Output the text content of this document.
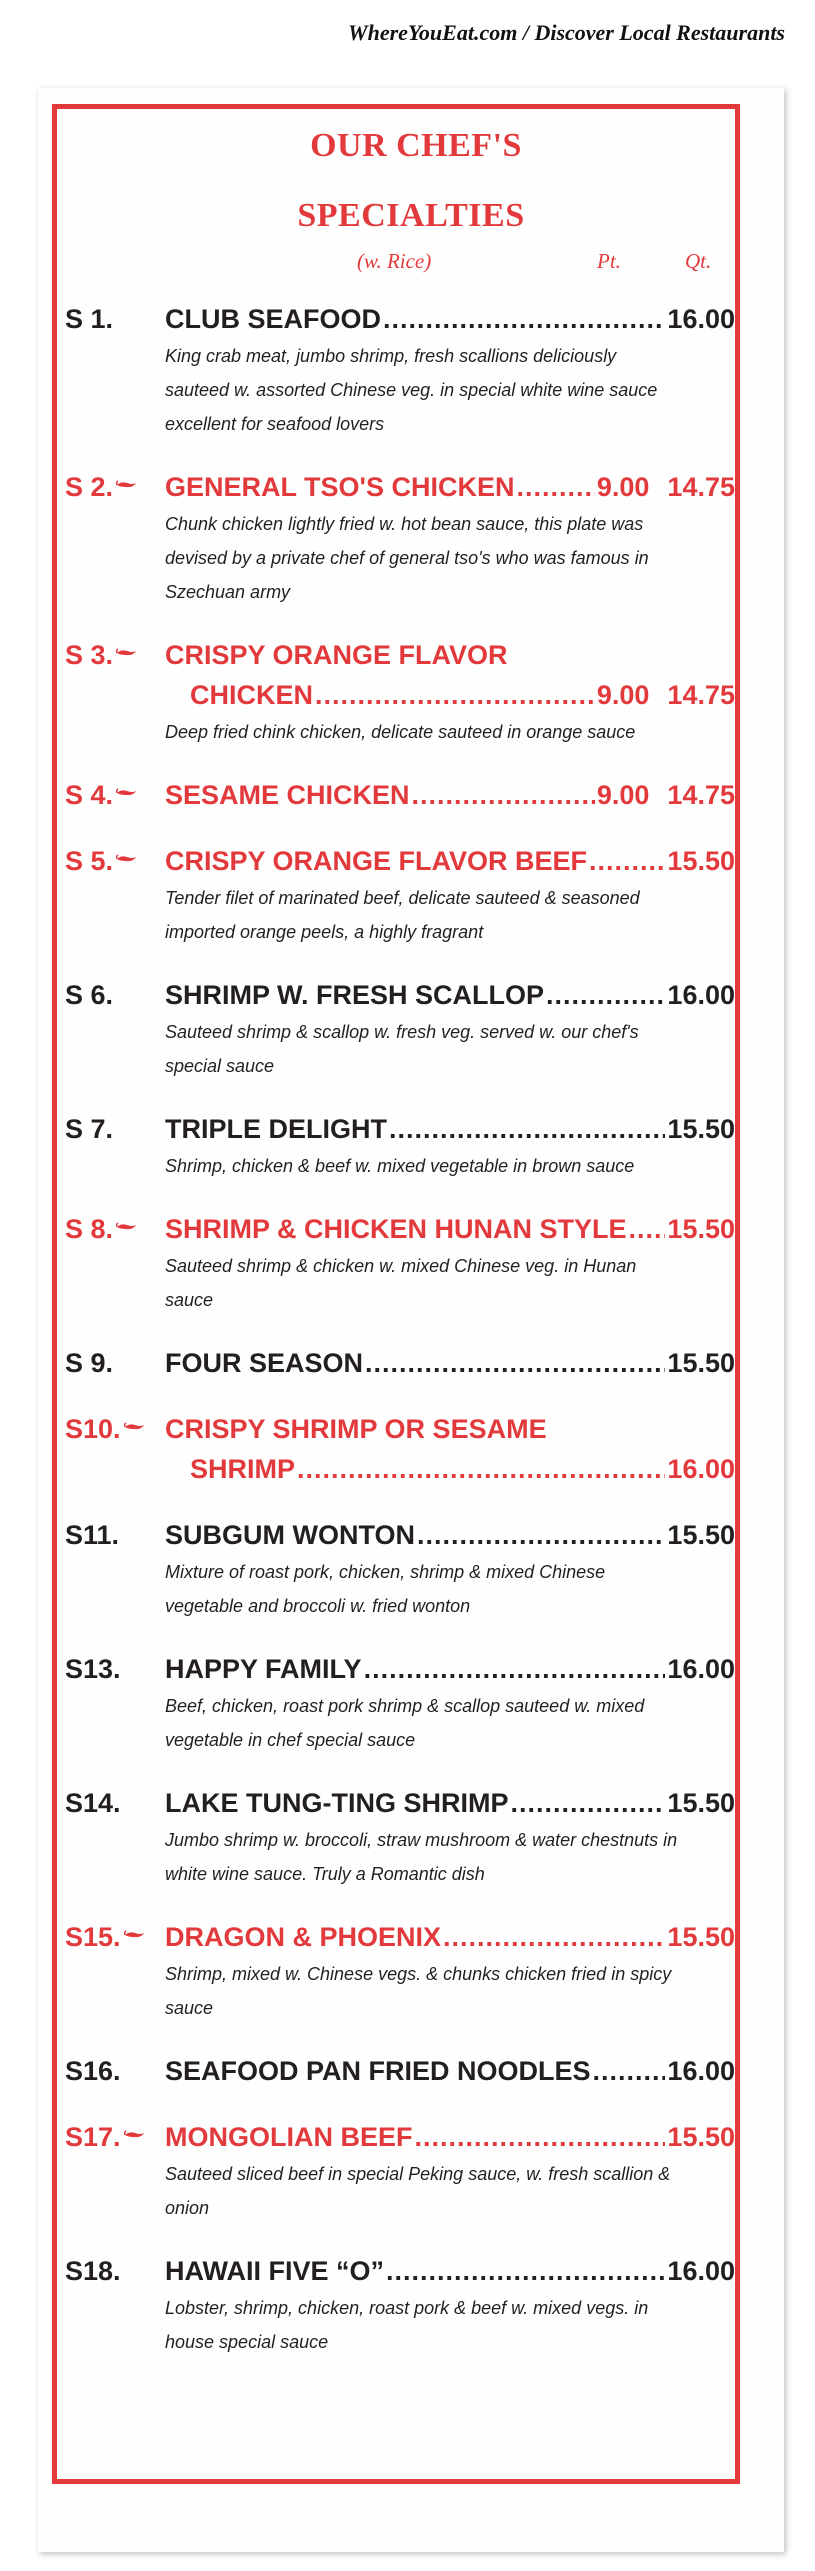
WhereYouEat.com / Discover Local Restaurants
OUR CHEF'S
SPECIALTIES
(w. Rice)	Pt.	Qt.
S 1. CLUB SEAFOOD .....	16.00
King crab meat, jumbo shrimp, fresh scallions deliciously sauteed w. assorted Chinese veg. in special white wine sauce excellent for seafood lovers
S 2. GENERAL TSO'S CHICKEN .....	9.00 14.75
Chunk chicken lightly fried w. hot bean sauce, this plate was devised by a private chef of general tso's who was famous in Szechuan army
S 3. CRISPY ORANGE FLAVOR
CHICKEN .....	9.00 14.75
Deep fried chink chicken, delicate sauteed in orange sauce
S 4. SESAME CHICKEN .....	9.00 14.75
S 5. CRISPY ORANGE FLAVOR BEEF .....	15.50
Tender filet of marinated beef, delicate sauteed & seasoned imported orange peels, a highly fragrant
S 6. SHRIMP W. FRESH SCALLOP .....	16.00
Sauteed shrimp & scallop w. fresh veg. served w. our chef's special sauce
S 7. TRIPLE DELIGHT .....	15.50
Shrimp, chicken & beef w. mixed vegetable in brown sauce
S 8. SHRIMP & CHICKEN HUNAN STYLE ..... 15.50
Sauteed shrimp & chicken w. mixed Chinese veg. in Hunan sauce
S 9. FOUR SEASON .....	15.50
S10. CRISPY SHRIMP OR SESAME
SHRIMP .....	16.00
S11. SUBGUM WONTON .....	15.50
Mixture of roast pork, chicken, shrimp & mixed Chinese vegetable and broccoli w. fried wonton
S13. HAPPY FAMILY .....	16.00
Beef, chicken, roast pork shrimp & scallop sauteed w. mixed vegetable in chef special sauce
S14. LAKE TUNG-TING SHRIMP .....	15.50
Jumbo shrimp w. broccoli, straw mushroom & water chestnuts in white wine sauce. Truly a Romantic dish
S15. DRAGON & PHOENIX .....	15.50
Shrimp, mixed w. Chinese vegs. & chunks chicken fried in spicy sauce
S16. SEAFOOD PAN FRIED NOODLES .....	16.00
S17. MONGOLIAN BEEF .....	15.50
Sauteed sliced beef in special Peking sauce, w. fresh scallion & onion
S18. HAWAII FIVE “O” .....	16.00
Lobster, shrimp, chicken, roast pork & beef w. mixed vegs. in house special sauce
